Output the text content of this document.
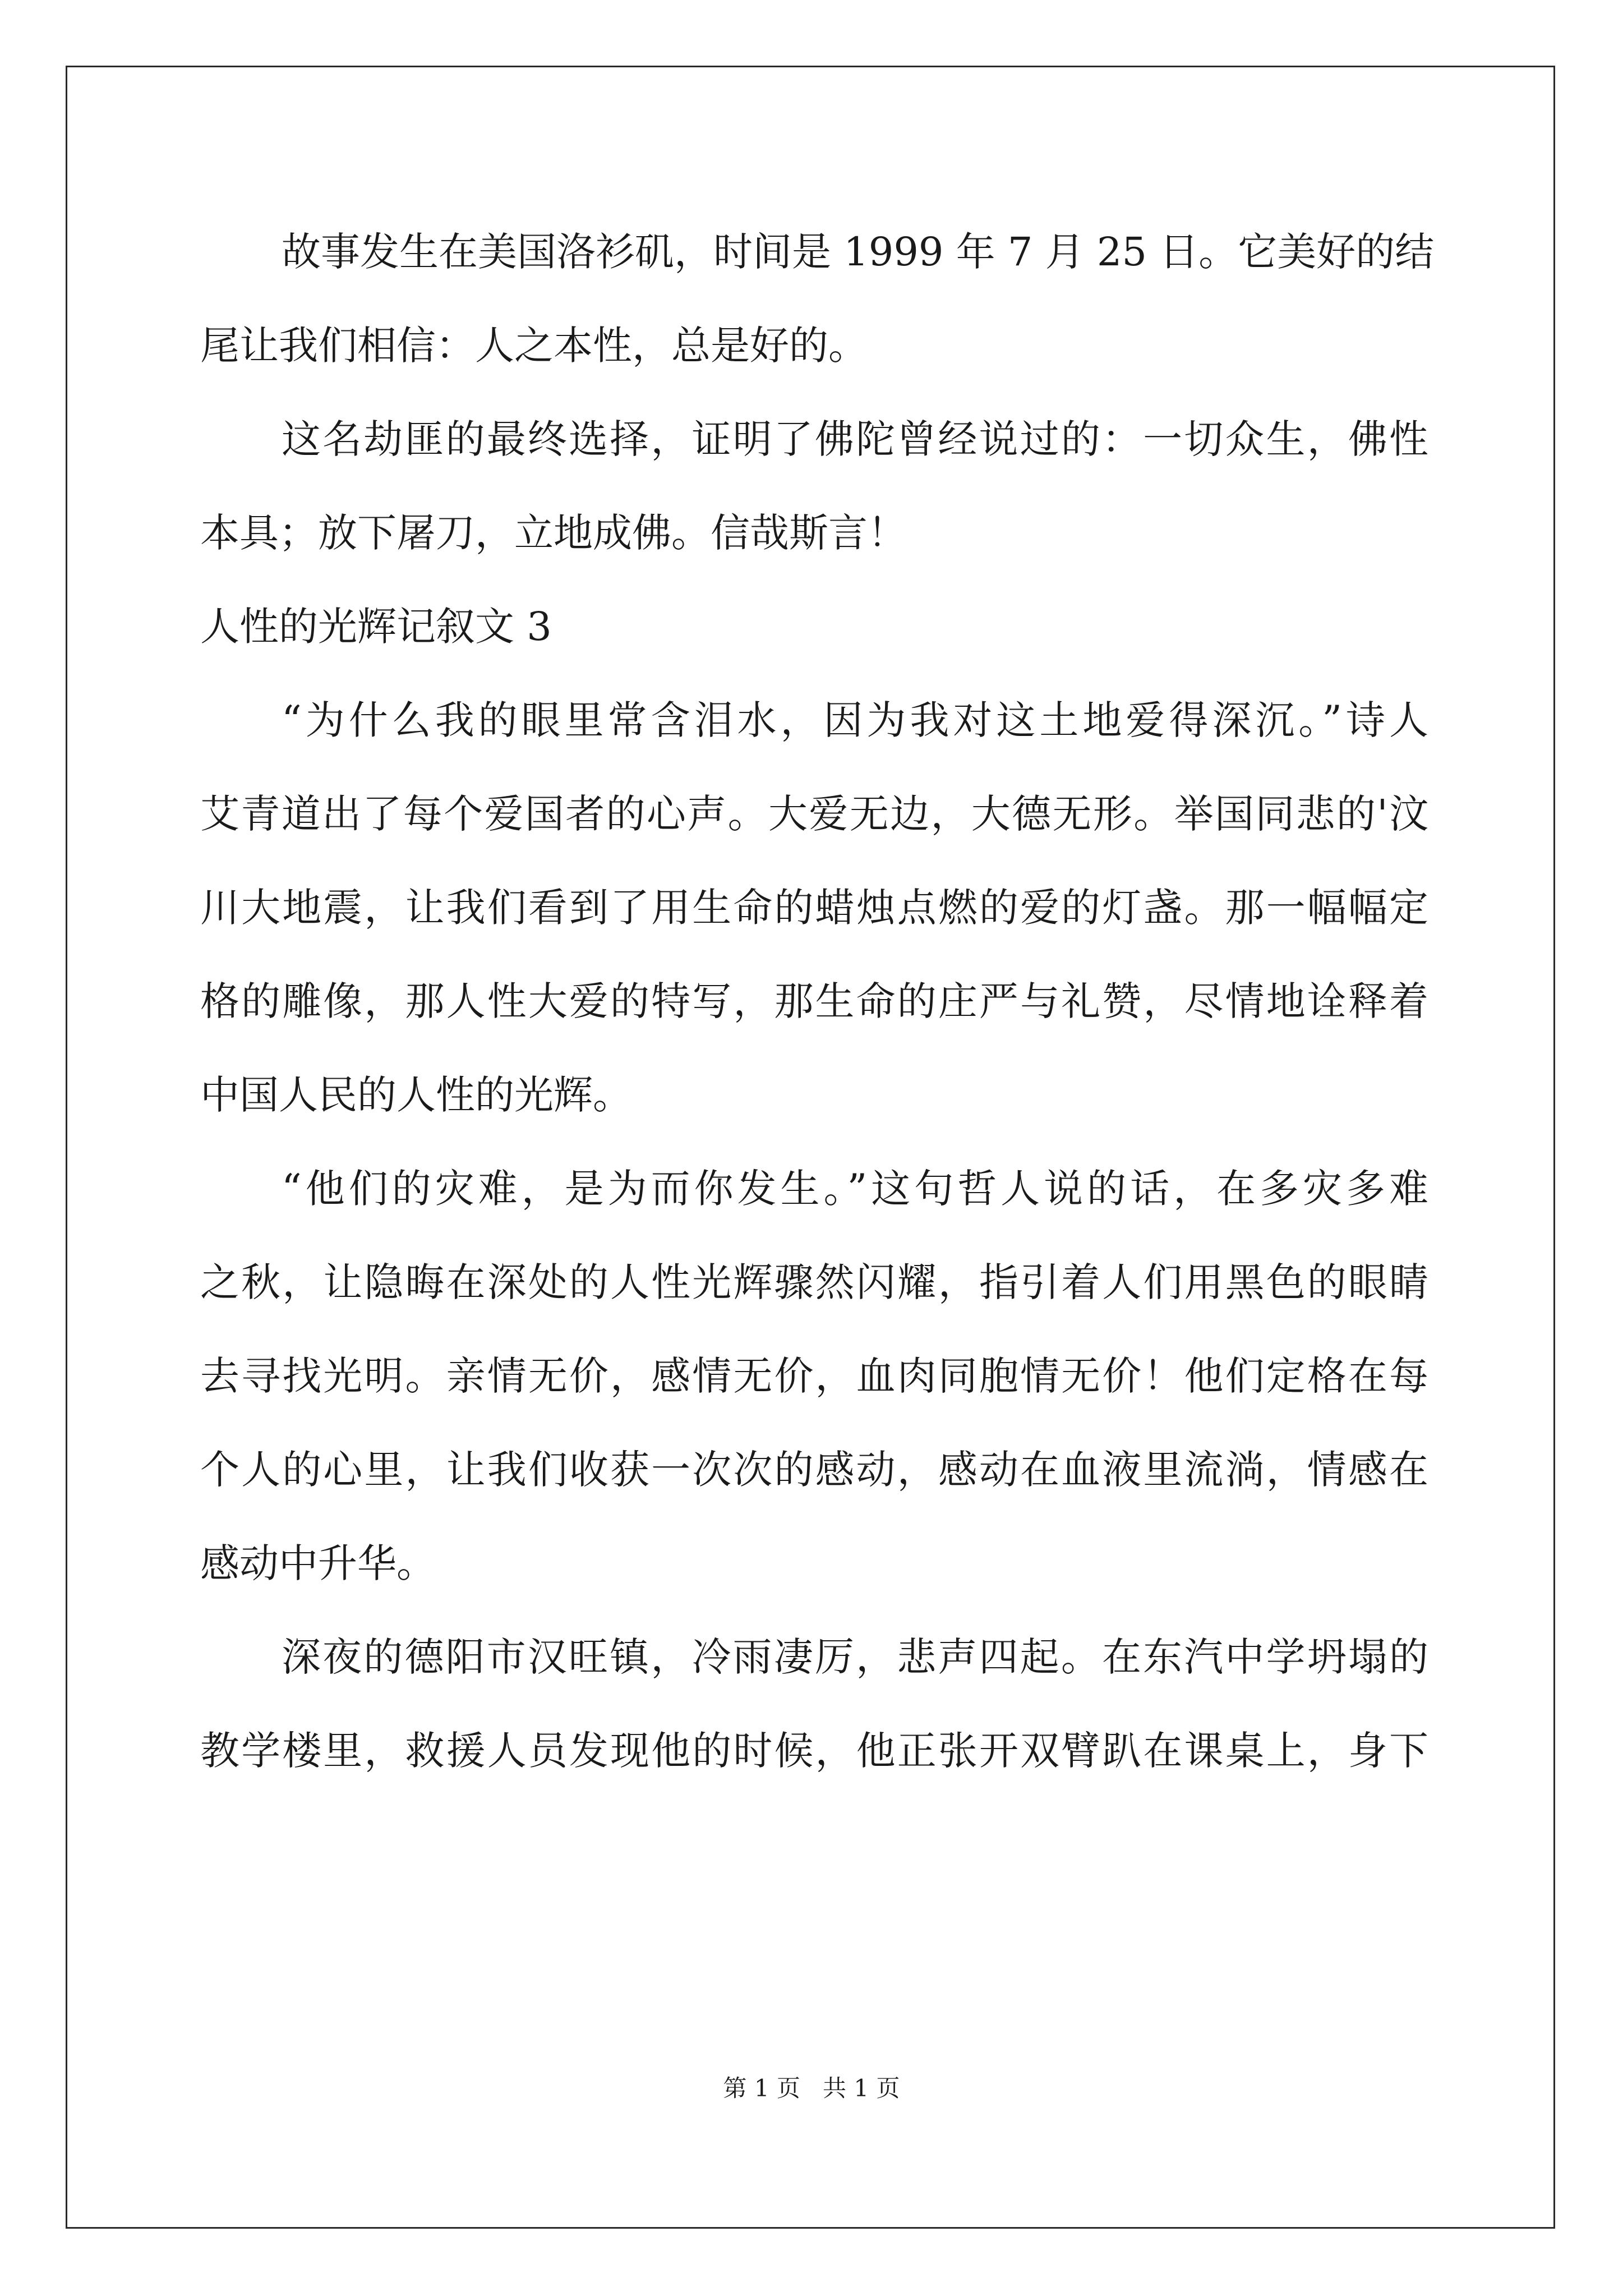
故事发生在美国洛衫矶，时间是 1999 年 7 月 25 日。它美好的结
尾让我们相信：人之本性，总是好的。
这名劫匪的最终选择，证明了佛陀曾经说过的：一切众生，佛性
本具；放下屠刀，立地成佛。信哉斯言！
人性的光辉记叙文 3
“为什么我的眼里常含泪水，因为我对这土地爱得深沉。”诗人
艾青道出了每个爱国者的心声。大爱无边，大德无形。举国同悲的'汶
川大地震，让我们看到了用生命的蜡烛点燃的爱的灯盏。那一幅幅定
格的雕像，那人性大爱的特写，那生命的庄严与礼赞，尽情地诠释着
中国人民的人性的光辉。
“他们的灾难，是为而你发生。”这句哲人说的话，在多灾多难
之秋，让隐晦在深处的人性光辉骤然闪耀，指引着人们用黑色的眼睛
去寻找光明。亲情无价，感情无价，血肉同胞情无价！他们定格在每
个人的心里，让我们收获一次次的感动，感动在血液里流淌，情感在
感动中升华。
深夜的德阳市汉旺镇，冷雨凄厉，悲声四起。在东汽中学坍塌的
教学楼里，救援人员发现他的时候，他正张开双臂趴在课桌上，身下
第 1 页 共 1 页
